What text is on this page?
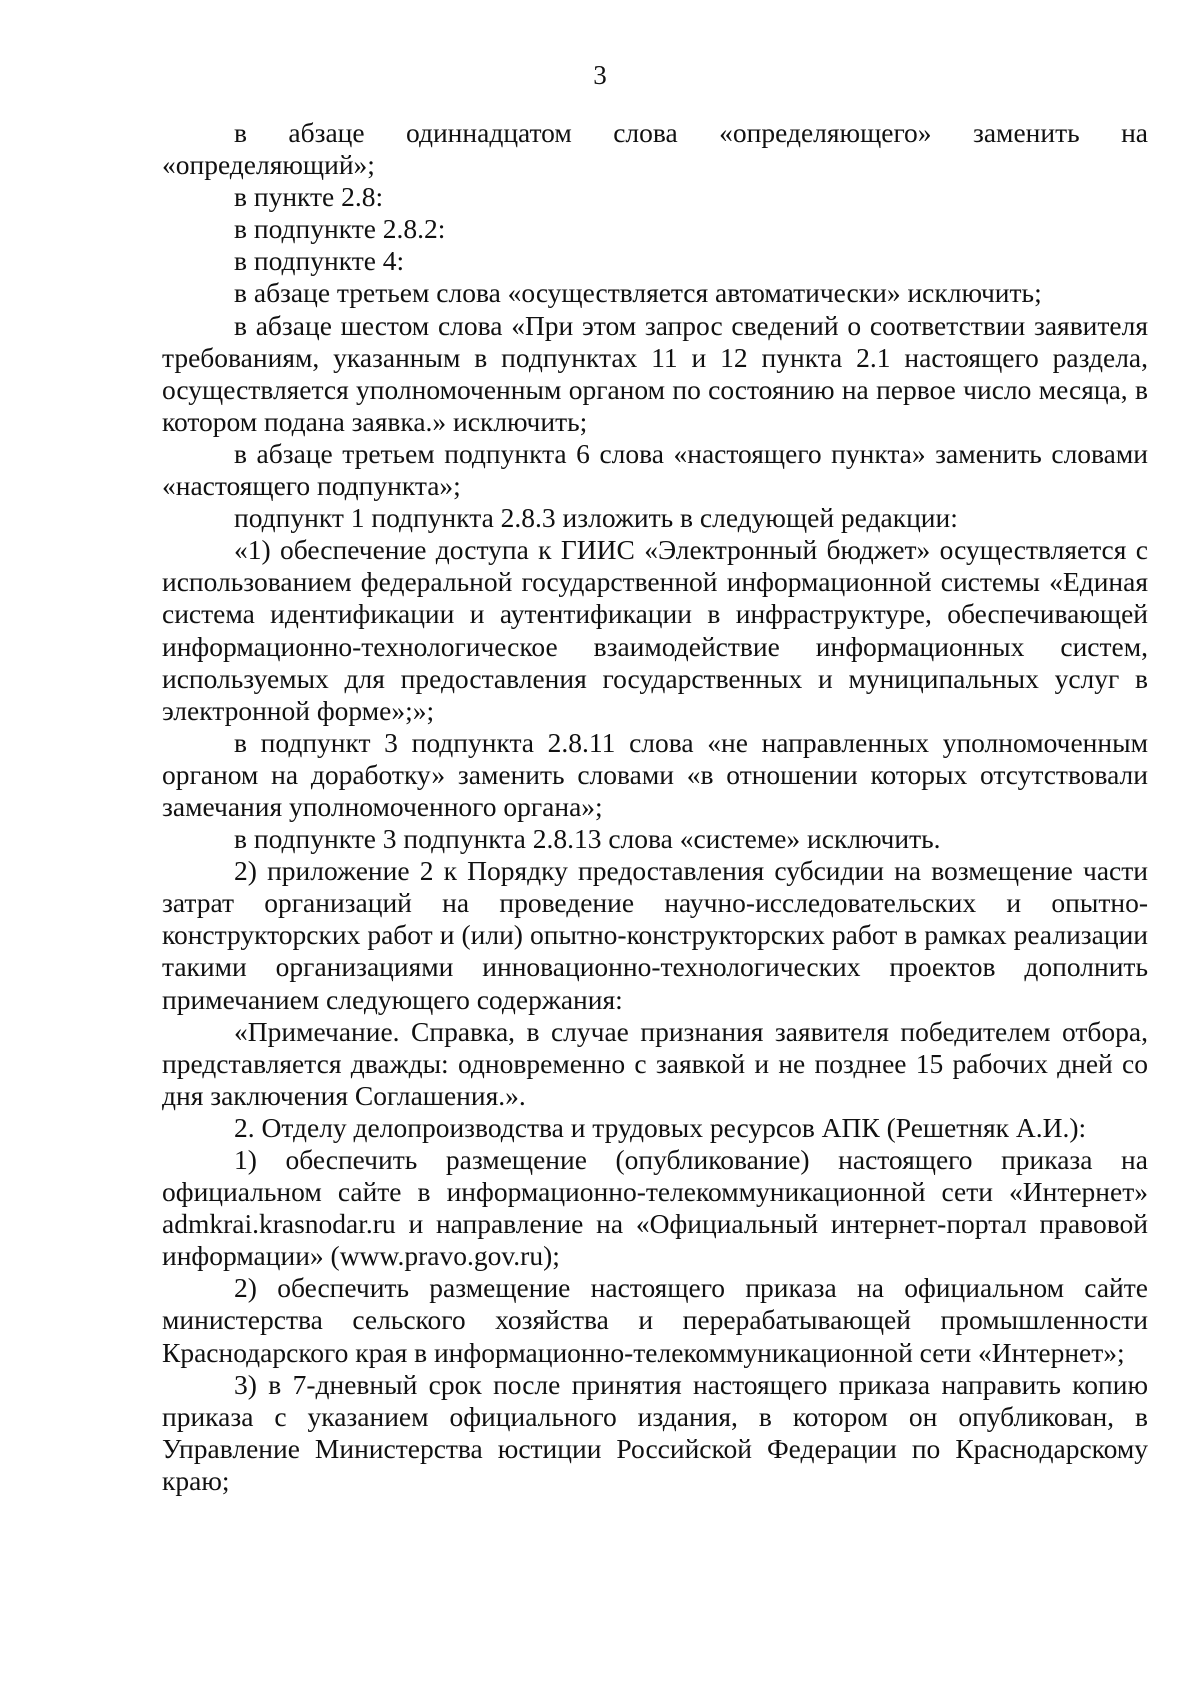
3

в абзаце одиннадцатом слова «определяющего» заменить на «определяющий»;

в пункте 2.8:

в подпункте 2.8.2:

в подпункте 4:

в абзаце третьем слова «осуществляется автоматически» исключить;

в абзаце шестом слова «При этом запрос сведений о соответствии заявителя требованиям, указанным в подпунктах 11 и 12 пункта 2.1 настоящего раздела, осуществляется уполномоченным органом по состоянию на первое число месяца, в котором подана заявка.» исключить;

в абзаце третьем подпункта 6 слова «настоящего пункта» заменить словами «настоящего подпункта»;

подпункт 1 подпункта 2.8.3 изложить в следующей редакции:

«1) обеспечение доступа к ГИИС «Электронный бюджет» осуществляется с использованием федеральной государственной информационной системы «Единая система идентификации и аутентификации в инфраструктуре, обеспечивающей информационно-технологическое взаимодействие информационных систем, используемых для предоставления государственных и муниципальных услуг в электронной форме»;»;

в подпункт 3 подпункта 2.8.11 слова «не направленных уполномоченным органом на доработку» заменить словами «в отношении которых отсутствовали замечания уполномоченного органа»;

в подпункте 3 подпункта 2.8.13 слова «системе» исключить.

2) приложение 2 к Порядку предоставления субсидии на возмещение части затрат организаций на проведение научно-исследовательских и опытно-конструкторских работ и (или) опытно-конструкторских работ в рамках реализации такими организациями инновационно-технологических проектов дополнить примечанием следующего содержания:

«Примечание. Справка, в случае признания заявителя победителем отбора, представляется дважды: одновременно с заявкой и не позднее 15 рабочих дней со дня заключения Соглашения.».

2. Отделу делопроизводства и трудовых ресурсов АПК (Решетняк А.И.):

1) обеспечить размещение (опубликование) настоящего приказа на официальном сайте в информационно-телекоммуникационной сети «Интернет» admkrai.krasnodar.ru и направление на «Официальный интернет-портал правовой информации» (www.pravo.gov.ru);

2) обеспечить размещение настоящего приказа на официальном сайте министерства сельского хозяйства и перерабатывающей промышленности Краснодарского края в информационно-телекоммуникационной сети «Интернет»;

3) в 7-дневный срок после принятия настоящего приказа направить копию приказа с указанием официального издания, в котором он опубликован, в Управление Министерства юстиции Российской Федерации по Краснодарскому краю;
